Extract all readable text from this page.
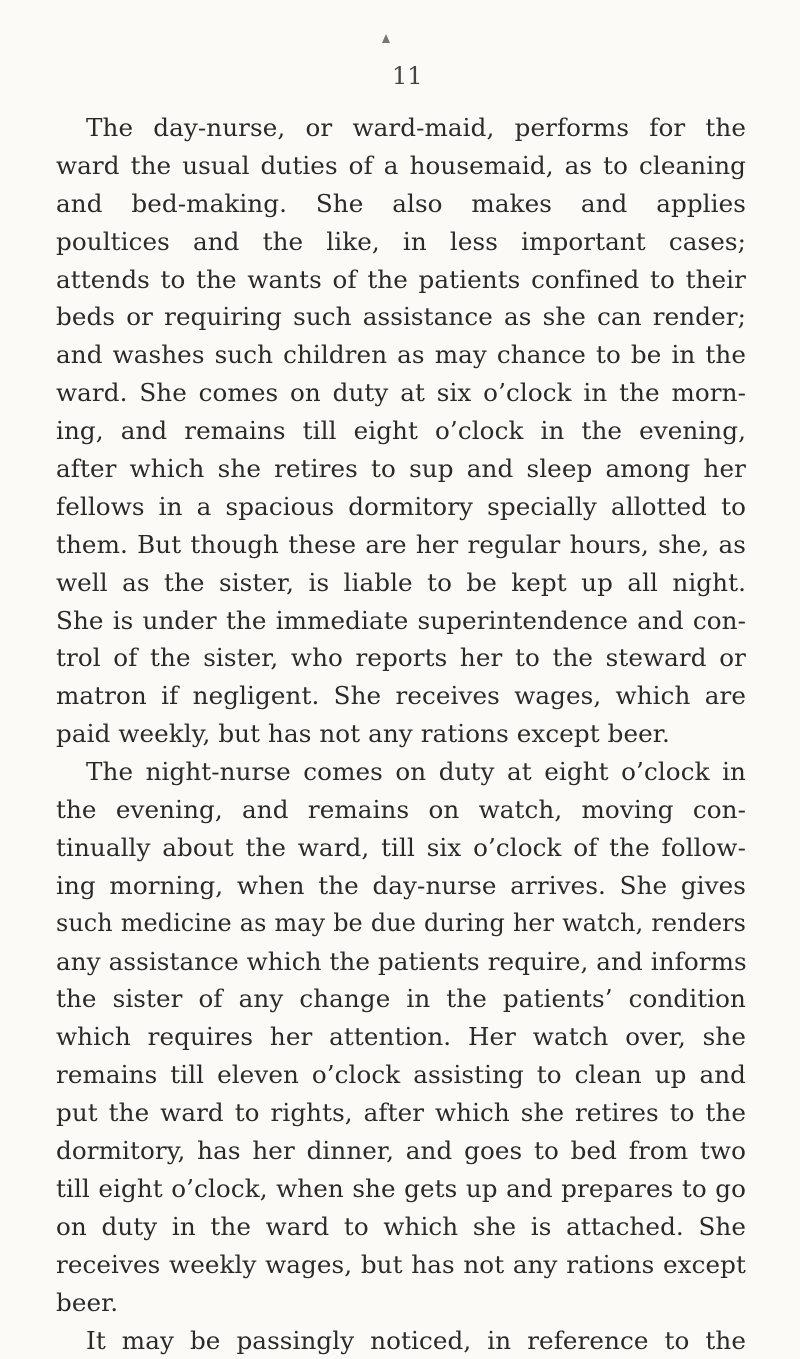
11
The day-nurse, or ward-maid, performs for the
ward the usual duties of a housemaid, as to cleaning
and bed-making. She also makes and applies
poultices and the like, in less important cases;
attends to the wants of the patients confined to their
beds or requiring such assistance as she can render;
and washes such children as may chance to be in the
ward. She comes on duty at six o’clock in the morn-
ing, and remains till eight o’clock in the evening,
after which she retires to sup and sleep among her
fellows in a spacious dormitory specially allotted to
them. But though these are her regular hours, she, as
well as the sister, is liable to be kept up all night.
She is under the immediate superintendence and con-
trol of the sister, who reports her to the steward or
matron if negligent. She receives wages, which are
paid weekly, but has not any rations except beer.
The night-nurse comes on duty at eight o’clock in
the evening, and remains on watch, moving con-
tinually about the ward, till six o’clock of the follow-
ing morning, when the day-nurse arrives. She gives
such medicine as may be due during her watch, renders
any assistance which the patients require, and informs
the sister of any change in the patients’ condition
which requires her attention. Her watch over, she
remains till eleven o’clock assisting to clean up and
put the ward to rights, after which she retires to the
dormitory, has her dinner, and goes to bed from two
till eight o’clock, when she gets up and prepares to go
on duty in the ward to which she is attached. She
receives weekly wages, but has not any rations except
beer.
It may be passingly noticed, in reference to the
